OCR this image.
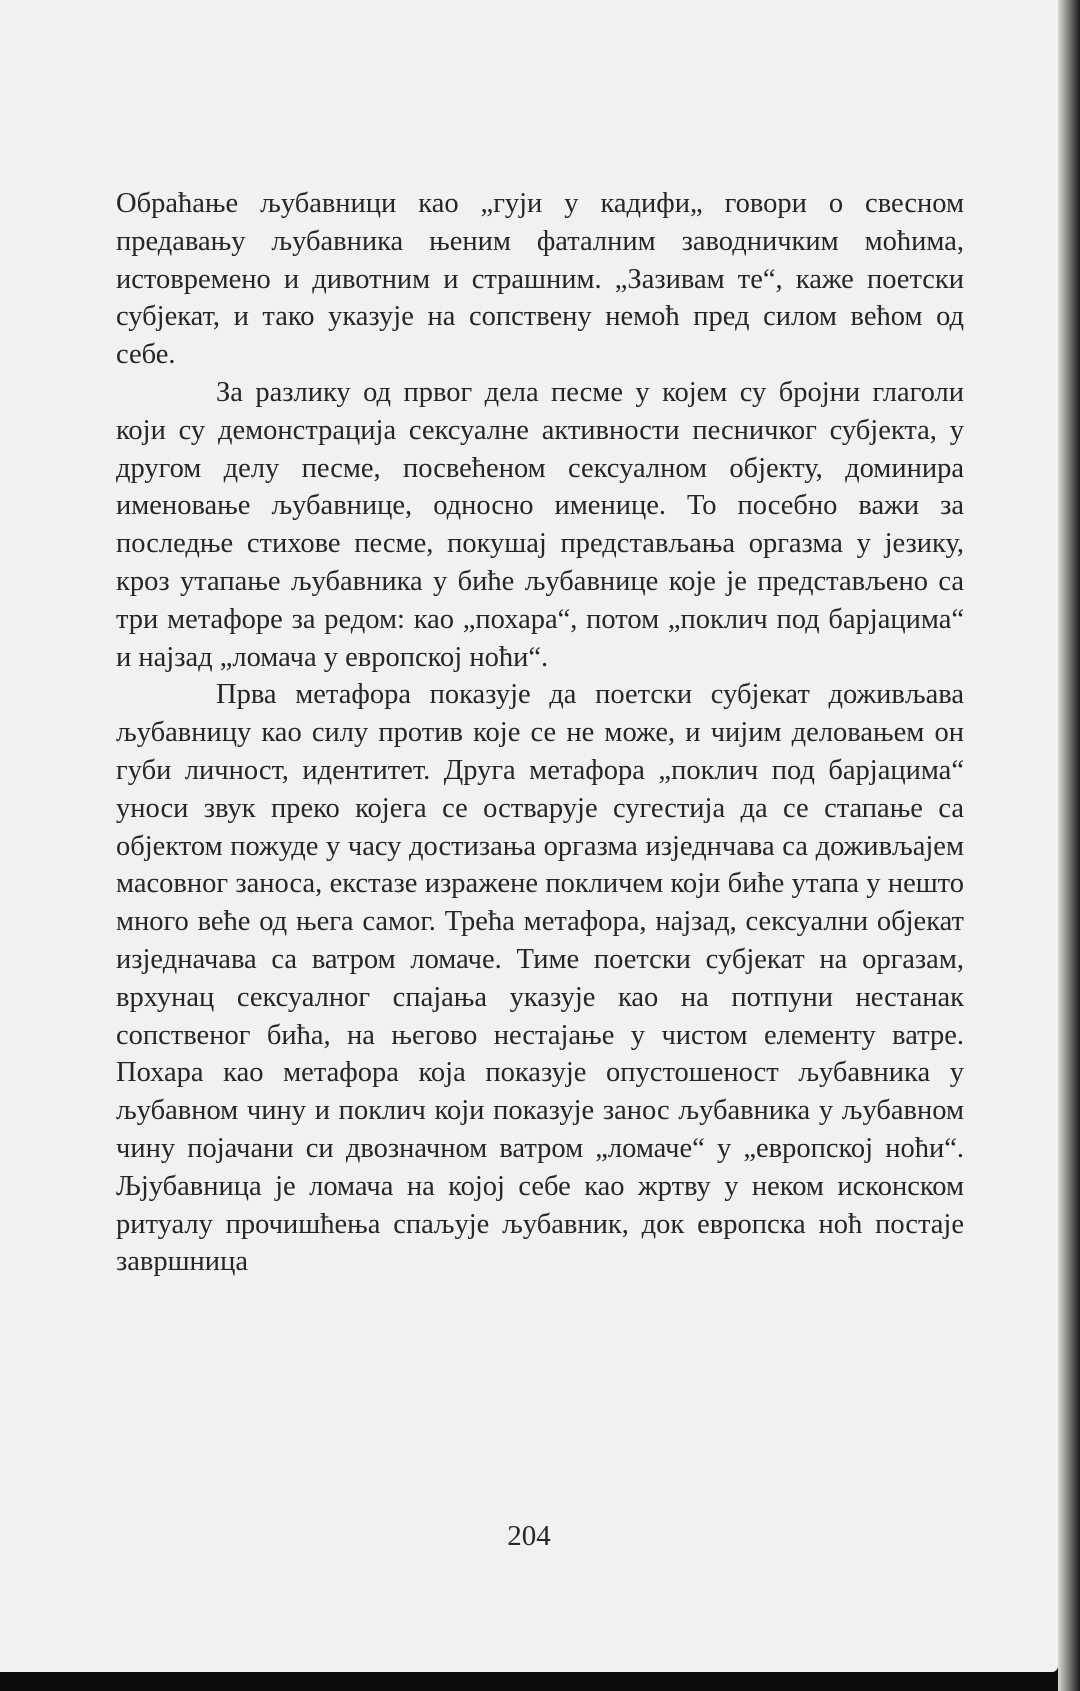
Обраћање љубавници као „гуји у кадифи„ говори о свесном предавању љубавника њеним фаталним заводничким моћима, истовремено и дивотним и страшним. „Зазивам те“, каже поетски субјекат, и тако указује на сопствену немоћ пред силом већом од себе.

За разлику од првог дела песме у којем су бројни глаголи који су демонстрација сексуалне активности песничког субјекта, у другом делу песме, посвећеном сексуалном објекту, доминира именовање љубавнице, односно именице. То посебно важи за последње стихове песме, покушај представљања оргазма у језику, кроз утапање љубавника у биће љубавнице које је представљено са три метафоре за редом: као „похара“, потом „поклич под барјацима“ и најзад „ломача у европској ноћи“.

Прва метафора показује да поетски субјекат доживљава љубавницу као силу против које се не може, и чијим деловањем он губи личност, идентитет. Друга метафора „поклич под барјацима“ уноси звук преко којега се остварује сугестија да се стапање са објектом пожуде у часу достизања оргазма изједнчава са доживљајем масовног заноса, екстазе изражене покличем који биће утапа у нешто много веће од њега самог. Трећа метафора, најзад, сексуални објекат изједначава са ватром ломаче. Тиме поетски субјекат на оргазам, врхунац сексуалног спајања указује као на потпуни нестанак сопственог бића, на његово нестајање у чистом елементу ватре. Похара као метафора која показује опустошеност љубавника у љубавном чину и поклич који показује занос љубавника у љубавном чину појачани си двозначном ватром „ломаче“ у „европској ноћи“. Љјубавница је ломача на којој себе као жртву у неком исконском ритуалу прочишћења спаљује љубавник, док европска ноћ постаје завршница

204
